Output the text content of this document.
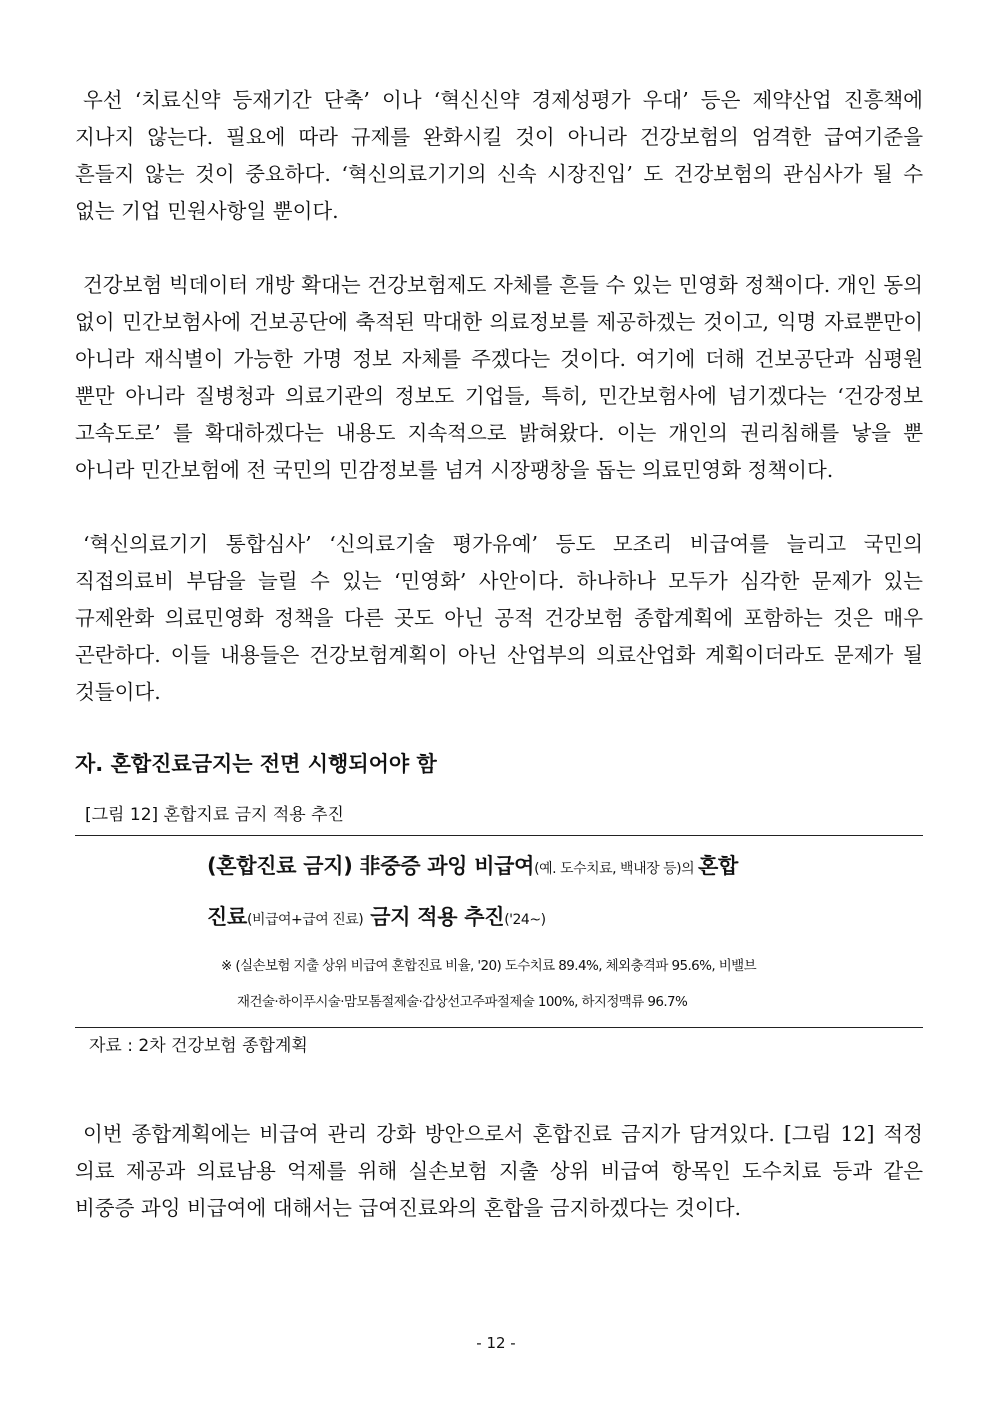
우선 ‘치료신약 등재기간 단축’ 이나 ‘혁신신약 경제성평가 우대’ 등은 제약산업 진흥책에 지나지 않는다. 필요에 따라 규제를 완화시킬 것이 아니라 건강보험의 엄격한 급여기준을 흔들지 않는 것이 중요하다. ‘혁신의료기기의 신속 시장진입’ 도 건강보험의 관심사가 될 수 없는 기업 민원사항일 뿐이다.

건강보험 빅데이터 개방 확대는 건강보험제도 자체를 흔들 수 있는 민영화 정책이다. 개인 동의 없이 민간보험사에 건보공단에 축적된 막대한 의료정보를 제공하겠는 것이고, 익명 자료뿐만이 아니라 재식별이 가능한 가명 정보 자체를 주겠다는 것이다. 여기에 더해 건보공단과 심평원 뿐만 아니라 질병청과 의료기관의 정보도 기업들, 특히, 민간보험사에 넘기겠다는 ‘건강정보 고속도로’ 를 확대하겠다는 내용도 지속적으로 밝혀왔다. 이는 개인의 권리침해를 낳을 뿐 아니라 민간보험에 전 국민의 민감정보를 넘겨 시장팽창을 돕는 의료민영화 정책이다.

‘혁신의료기기 통합심사’ ‘신의료기술 평가유예’ 등도 모조리 비급여를 늘리고 국민의 직접의료비 부담을 늘릴 수 있는 ‘민영화’ 사안이다. 하나하나 모두가 심각한 문제가 있는 규제완화 의료민영화 정책을 다른 곳도 아닌 공적 건강보험 종합계획에 포함하는 것은 매우 곤란하다. 이들 내용들은 건강보험계획이 아닌 산업부의 의료산업화 계획이더라도 문제가 될 것들이다.

자. 혼합진료금지는 전면 시행되어야 함
[그림 12] 혼합지료 금지 적용 추진

(혼합진료 금지) 非중증 과잉 비급여(예. 도수치료, 백내장 등)의 혼합

진료(비급여+급여 진료) 금지 적용 추진('24~)

※ (실손보험 지출 상위 비급여 혼합진료 비율, '20) 도수치료 89.4%, 체외충격파 95.6%, 비밸브

재건술·하이푸시술·맘모톰절제술·갑상선고주파절제술 100%, 하지정맥류 96.7%

자료 : 2차 건강보험 종합계획

이번 종합계획에는 비급여 관리 강화 방안으로서 혼합진료 금지가 담겨있다. [그림 12] 적정 의료 제공과 의료남용 억제를 위해 실손보험 지출 상위 비급여 항목인 도수치료 등과 같은 비중증 과잉 비급여에 대해서는 급여진료와의 혼합을 금지하겠다는 것이다.

- 12 -
